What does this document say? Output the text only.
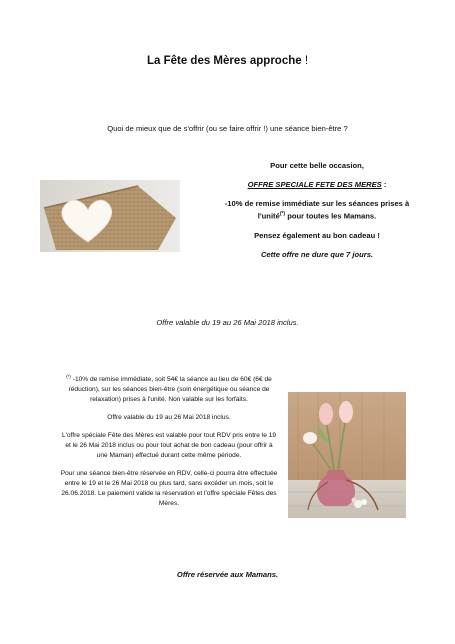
La Fête des Mères approche !
Quoi de mieux que de s'offrir (ou se faire offrir !) une séance bien-être ?

Pour cette belle occasion,

OFFRE SPECIALE FETE DES MERES :

-10% de remise immédiate sur les séances prises à
l'unité(*) pour toutes les Mamans.

Pensez également au bon cadeau !

Cette offre ne dure que 7 jours.

Offre valable du 19 au 26 Mai 2018 inclus.

(*) -10% de remise immédiate, soit 54€ la séance au lieu de 60€ (6€ de réduction), sur les séances bien-être (soin énergétique ou séance de relaxation) prises à l'unité. Non valable sur les forfaits.

Offre valable du 19 au 26 Mai 2018 inclus.

L'offre spéciale Fête des Mères est valable pour tout RDV pris entre le 19 et le 26 Mai 2018 inclus ou pour tout achat de bon cadeau (pour offrir à une Maman) effectué durant cette même période.

Pour une séance bien-être réservée en RDV, celle-ci pourra être effectuée entre le 19 et le 26 Mai 2018 ou plus tard, sans excéder un mois, soit le 26.06.2018. Le paiement valide la réservation et l'offre spéciale Fêtes des Mères.

Offre réservée aux Mamans.
